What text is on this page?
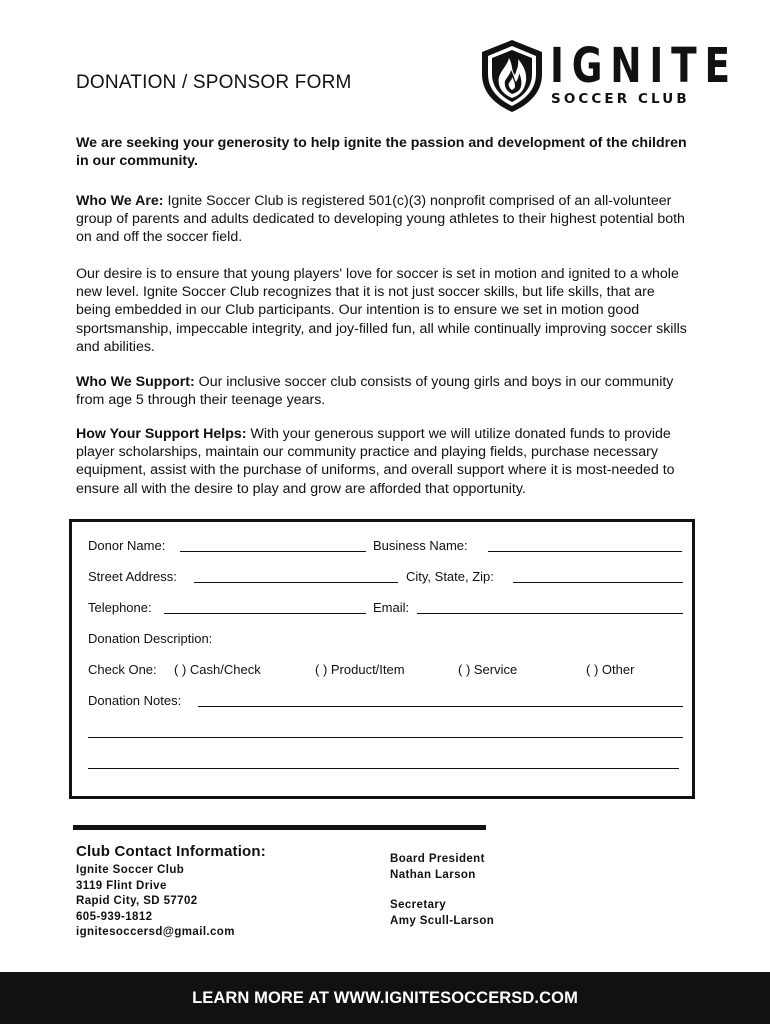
DONATION / SPONSOR FORM	IGNITE
SOCCER CLUB
We are seeking your generosity to help ignite the passion and development of the children in our community.
Who We Are: Ignite Soccer Club is registered 501(c)(3) nonprofit comprised of an all-volunteer group of parents and adults dedicated to developing young athletes to their highest potential both on and off the soccer field.
Our desire is to ensure that young players' love for soccer is set in motion and ignited to a whole new level. Ignite Soccer Club recognizes that it is not just soccer skills, but life skills, that are being embedded in our Club participants. Our intention is to ensure we set in motion good sportsmanship, impeccable integrity, and joy-filled fun, all while continually improving soccer skills and abilities.
Who We Support: Our inclusive soccer club consists of young girls and boys in our community from age 5 through their teenage years.
How Your Support Helps: With your generous support we will utilize donated funds to provide player scholarships, maintain our community practice and playing fields, purchase necessary equipment, assist with the purchase of uniforms, and overall support where it is most-needed to ensure all with the desire to play and grow are afforded that opportunity.
Donor Name:	Business Name:
Street Address:	City, State, Zip:
Telephone:	Email:
Donation Description:
Check One: ( ) Cash/Check	( ) Product/Item	( ) Service	( ) Other
Donation Notes:
Club Contact Information:
Ignite Soccer Club
3119 Flint Drive
Rapid City, SD 57702
605-939-1812
ignitesoccersd@gmail.com
Board President
Nathan Larson
Secretary
Amy Scull-Larson
LEARN MORE AT WWW.IGNITESOCCERSD.COM
